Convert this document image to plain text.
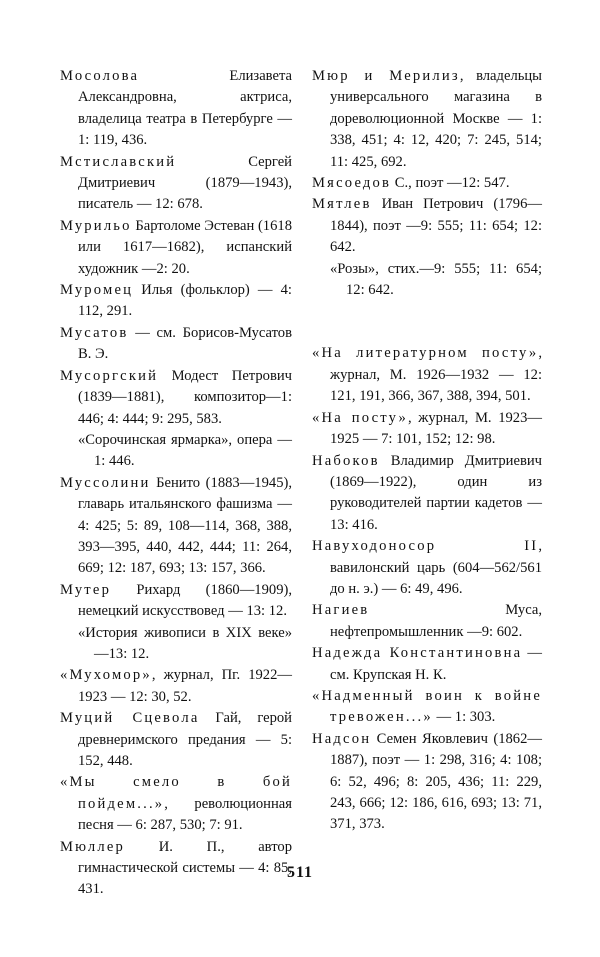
Мосолова Елизавета Александровна, актриса, владелица театра в Петербурге — 1: 119, 436.
Мстиславский Сергей Дмитриевич (1879—1943), писатель — 12: 678.
Мурильо Бартоломе Эстеван (1618 или 1617—1682), испанский художник —2: 20.
Муромец Илья (фольклор) — 4: 112, 291.
Мусатов — см. Борисов-Мусатов В. Э.
Мусоргский Модест Петрович (1839—1881), композитор—1: 446; 4: 444; 9: 295, 583.
«Сорочинская ярмарка», опера — 1: 446.
Муссолини Бенито (1883—1945), главарь итальянского фашизма — 4: 425; 5: 89, 108—114, 368, 388, 393—395, 440, 442, 444; 11: 264, 669; 12: 187, 693; 13: 157, 366.
Мутер Рихард (1860—1909), немецкий искусствовед — 13: 12.
«История живописи в XIX веке» —13: 12.
«Мухомор», журнал, Пг. 1922—1923 — 12: 30, 52.
Муций Сцевола Гай, герой древнеримского предания — 5: 152, 448.
«Мы смело в бой пойдем...», революционная песня — 6: 287, 530; 7: 91.
Мюллер И. П., автор гимнастической системы — 4: 85, 431.
Мюр и Мерилиз, владельцы универсального магазина в дореволюционной Москве — 1: 338, 451; 4: 12, 420; 7: 245, 514; 11: 425, 692.
Мясоедов С., поэт —12: 547.
Мятлев Иван Петрович (1796—1844), поэт —9: 555; 11: 654; 12: 642.
«Розы», стих.—9: 555; 11: 654; 12: 642.
«На литературном посту», журнал, М. 1926—1932 — 12: 121, 191, 366, 367, 388, 394, 501.
«На посту», журнал, М. 1923—1925 — 7: 101, 152; 12: 98.
Набоков Владимир Дмитриевич (1869—1922), один из руководителей партии кадетов —13: 416.
Навуходоносор II, вавилонский царь (604—562/561 до н. э.) — 6: 49, 496.
Нагиев Муса, нефтепромышленник —9: 602.
Надежда Константиновна — см. Крупская Н. К.
«Надменный воин к войне тревожен...» — 1: 303.
Надсон Семен Яковлевич (1862—1887), поэт — 1: 298, 316; 4: 108; 6: 52, 496; 8: 205, 436; 11: 229, 243, 666; 12: 186, 616, 693; 13: 71, 371, 373.
511
